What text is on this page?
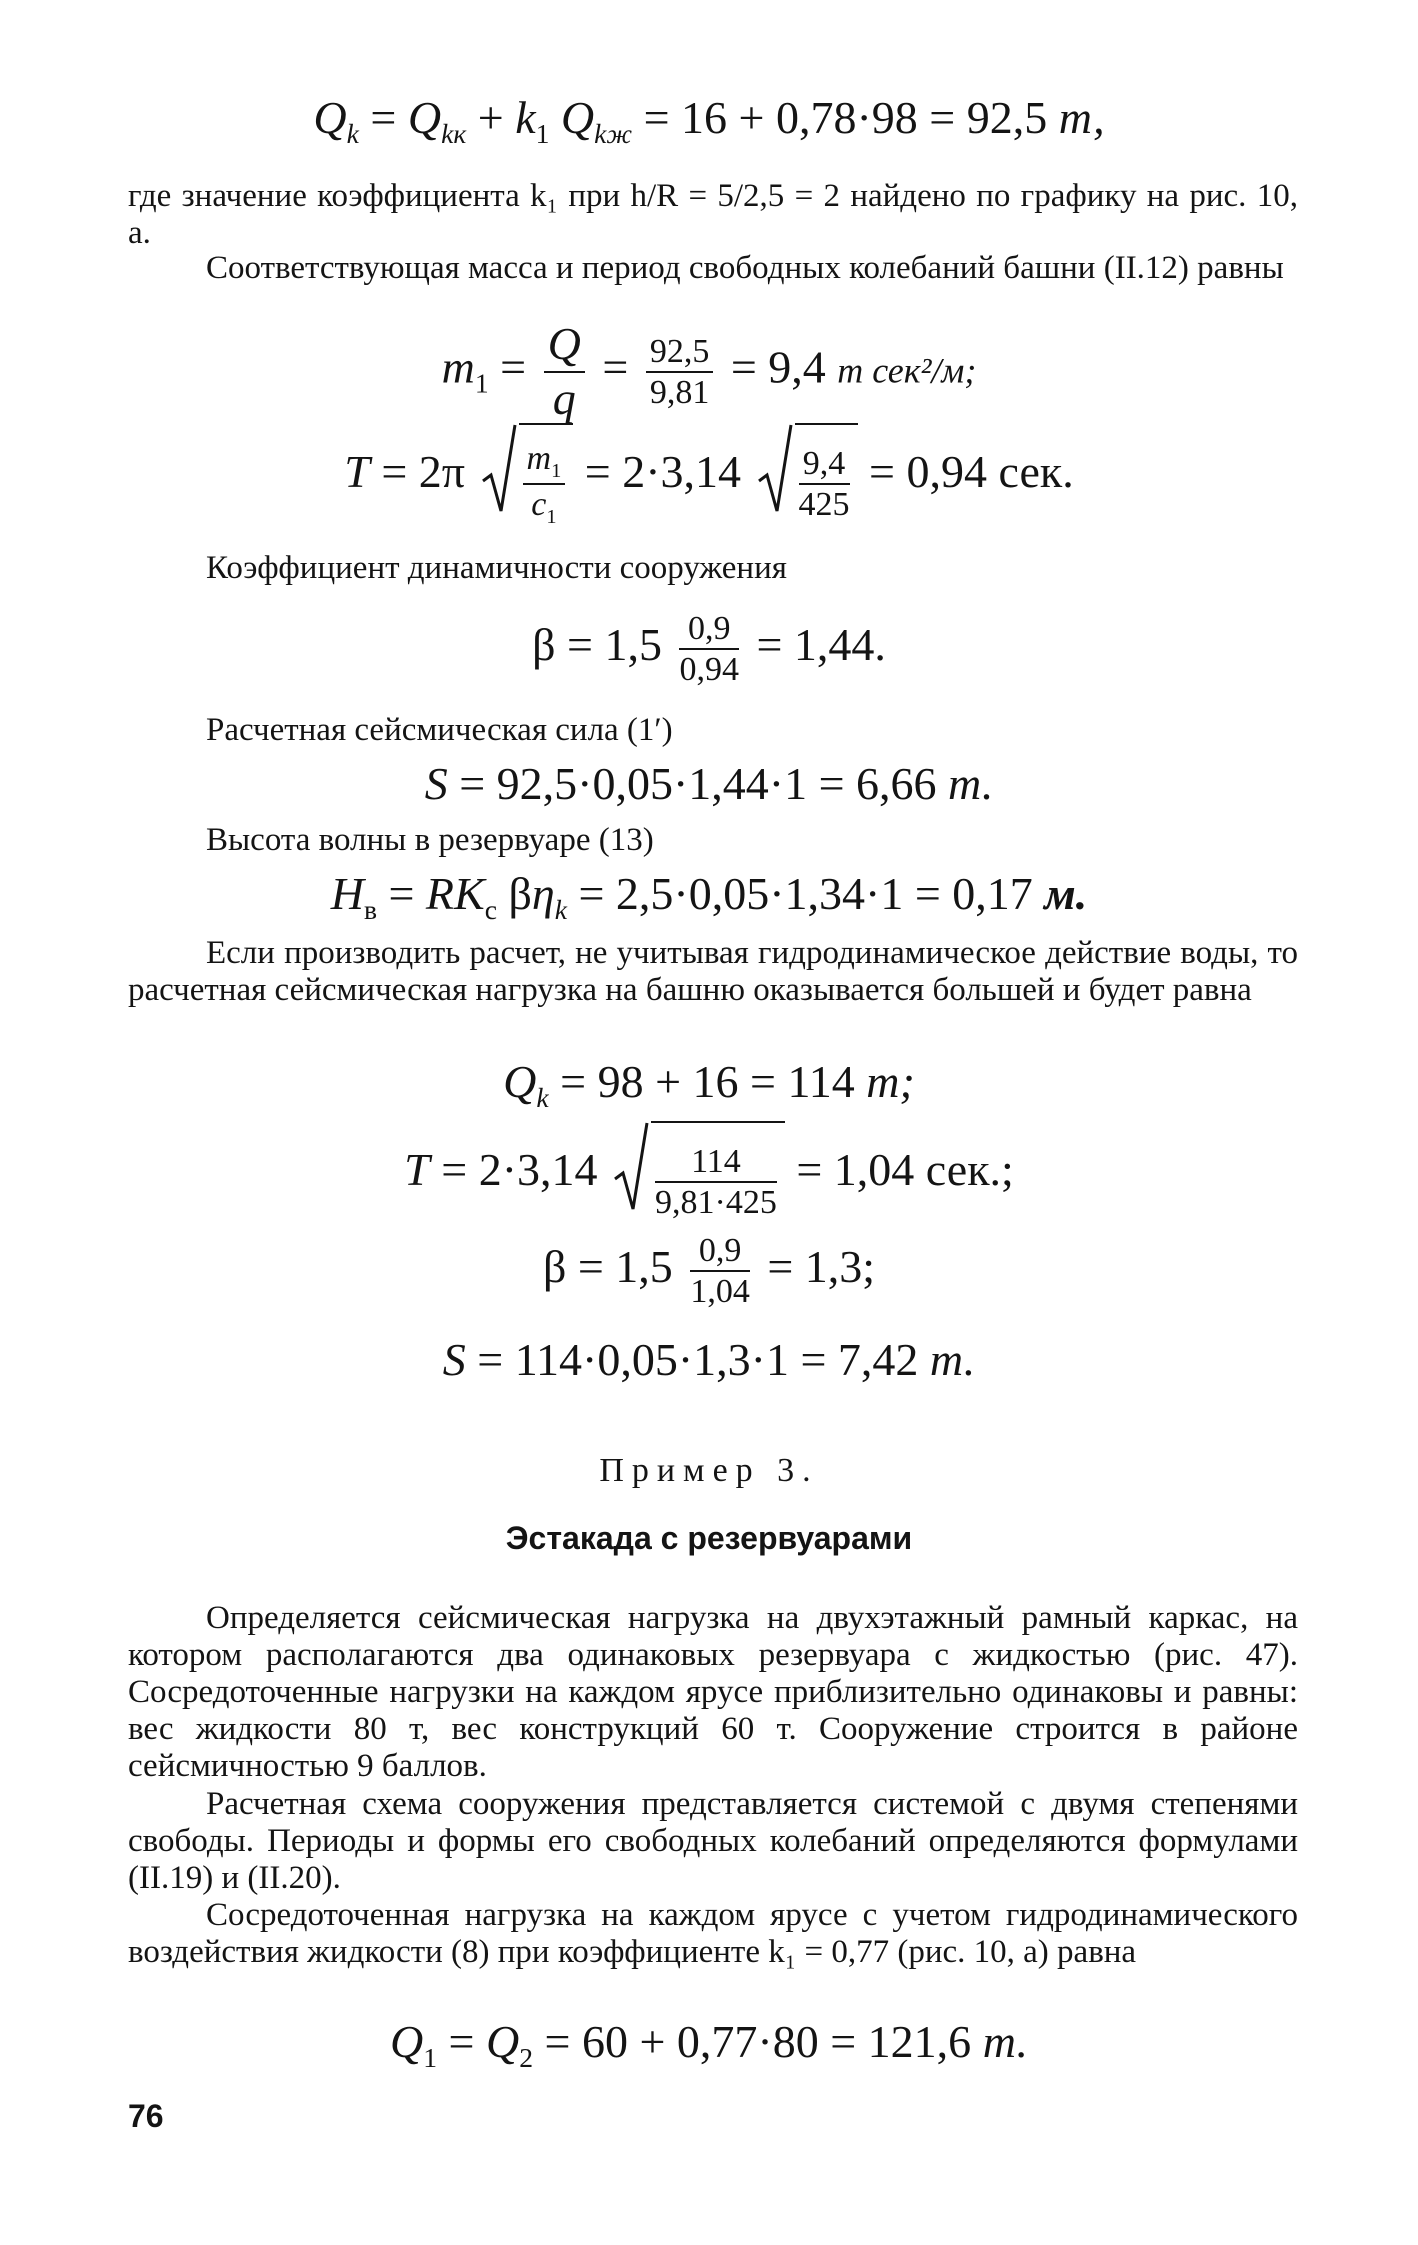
$Q_k = Q_{kк} + k_1$ $Q_{kж} = 16 + 0,78\cdot 98 = 92,5$ т,
где значение коэффициента k₁ при h/R = 5/2,5 = 2 найдено по графику на рис. 10, а.
Соответствующая масса и период свободных колебаний башни (II.12) равны
$m_1 = \frac{Q}{q} = \frac{92,5}{9,81} = 9,4$ т сек²/м;
$T = 2\pi \frac{m_1}{c_1} = 2\cdot 3,14 \frac{9,4}{425} = 0,94$ сек.
Коэффициент динамичности сооружения
$\beta = 1,5 \frac{0,9}{0,94} = 1,44$.
Расчетная сейсмическая сила (1′)
S = 92,5·0,05·1,44·1 = 6,66 т.
Высота волны в резервуаре (13)
$H_в = RK_c$ $\beta\eta_k = 2,5\cdot 0,05\cdot 1,34\cdot 1 = 0,17$ м.
Если производить расчет, не учитывая гидродинамическое действие воды, то расчетная сейсмическая нагрузка на башню оказывается большей и будет равна
$Q_k = 98 + 16 = 114$ т;
$T = 2\cdot 3,14 \frac{114}{9,81\cdot 425} = 1,04$ сек.;
$\beta = 1,5 \frac{0,9}{1,04} = 1,3$;
S = 114·0,05·1,3·1 = 7,42 т.
Пример 3.
Эстакада с резервуарами
Определяется сейсмическая нагрузка на двухэтажный рамный каркас, на котором располагаются два одинаковых резервуара с жидкостью (рис. 47). Сосредоточенные нагрузки на каждом ярусе приблизительно одинаковы и равны: вес жидкости 80 т, вес конструкций 60 т. Сооружение строится в районе сейсмичностью 9 баллов.
Расчетная схема сооружения представляется системой с двумя степенями свободы. Периоды и формы его свободных колебаний определяются формулами (II.19) и (II.20).
Сосредоточенная нагрузка на каждом ярусе с учетом гидродинамического воздействия жидкости (8) при коэффициенте k₁ = 0,77 (рис. 10, а) равна
$Q_1 = Q_2 = 60 + 0,77\cdot 80 = 121,6$ т.
76
